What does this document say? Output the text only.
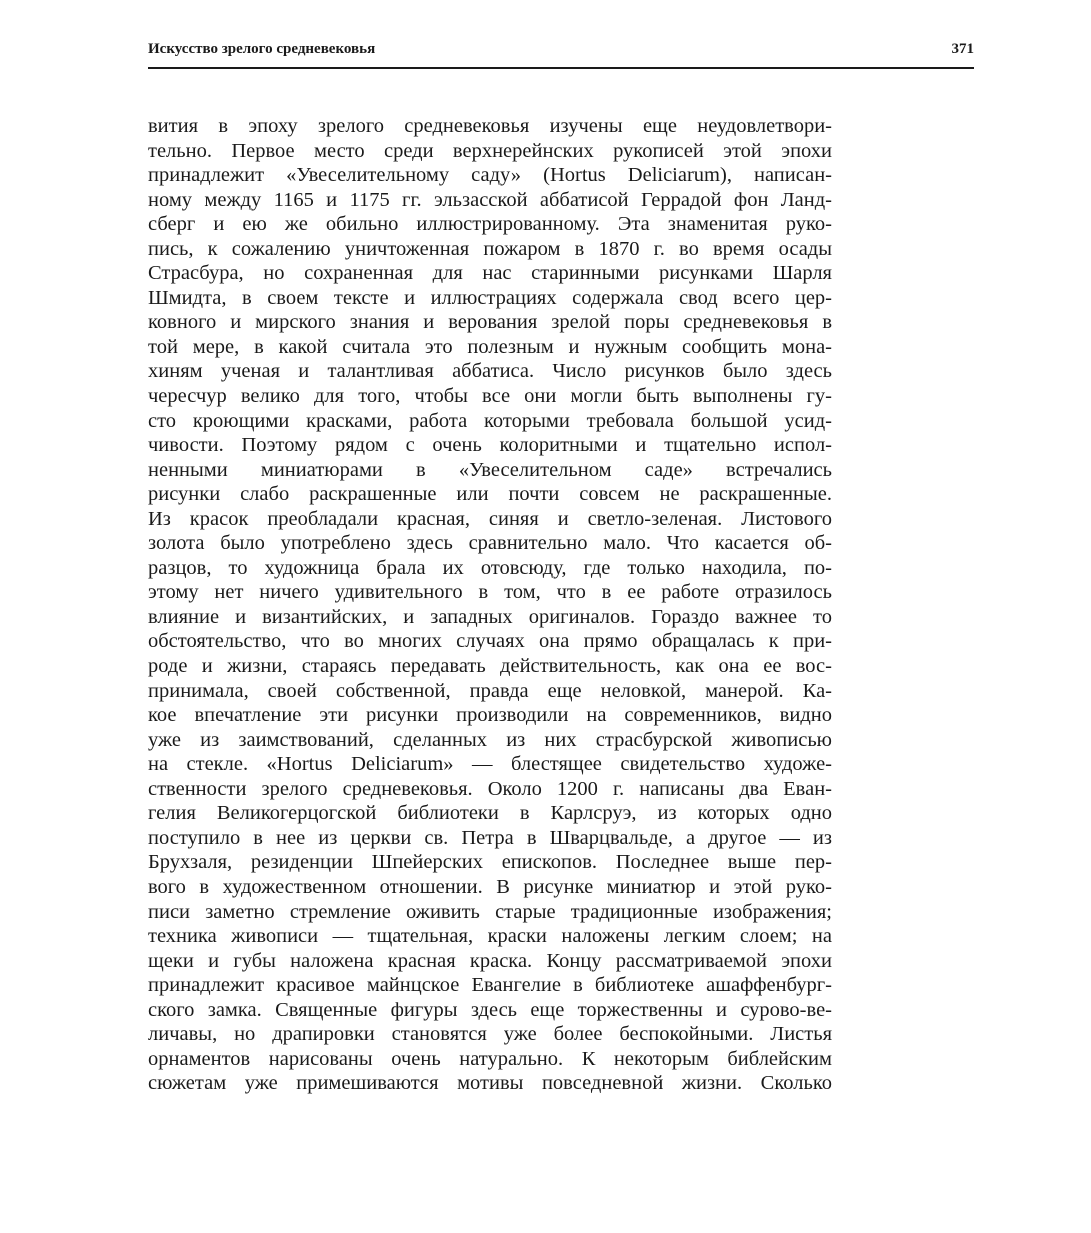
Искусство зрелого средневековья	371
вития в эпоху зрелого средневековья изучены еще неудовлетвори-
тельно. Первое место среди верхнерейнских рукописей этой эпохи
принадлежит «Увеселительному саду» (Hortus Deliciarum), написан-
ному между 1165 и 1175 гг. эльзасской аббатисой Геррадой фон Ланд-
сберг и ею же обильно иллюстрированному. Эта знаменитая руко-
пись, к сожалению уничтоженная пожаром в 1870 г. во время осады
Страсбура, но сохраненная для нас старинными рисунками Шарля
Шмидта, в своем тексте и иллюстрациях содержала свод всего цер-
ковного и мирского знания и верования зрелой поры средневековья в
той мере, в какой считала это полезным и нужным сообщить мона-
хиням ученая и талантливая аббатиса. Число рисунков было здесь
чересчур велико для того, чтобы все они могли быть выполнены гу-
сто кроющими красками, работа которыми требовала большой усид-
чивости. Поэтому рядом с очень колоритными и тщательно испол-
ненными миниатюрами в «Увеселительном саде» встречались
рисунки слабо раскрашенные или почти совсем не раскрашенные.
Из красок преобладали красная, синяя и светло-зеленая. Листового
золота было употреблено здесь сравнительно мало. Что касается об-
разцов, то художница брала их отовсюду, где только находила, по-
этому нет ничего удивительного в том, что в ее работе отразилось
влияние и византийских, и западных оригиналов. Гораздо важнее то
обстоятельство, что во многих случаях она прямо обращалась к при-
роде и жизни, стараясь передавать действительность, как она ее вос-
принимала, своей собственной, правда еще неловкой, манерой. Ка-
кое впечатление эти рисунки производили на современников, видно
уже из заимствований, сделанных из них страсбурской живописью
на стекле. «Hortus Deliciarum» — блестящее свидетельство художе-
ственности зрелого средневековья. Около 1200 г. написаны два Еван-
гелия Великогерцогской библиотеки в Карлсруэ, из которых одно
поступило в нее из церкви св. Петра в Шварцвальде, а другое — из
Брухзаля, резиденции Шпейерских епископов. Последнее выше пер-
вого в художественном отношении. В рисунке миниатюр и этой руко-
писи заметно стремление оживить старые традиционные изображения;
техника живописи — тщательная, краски наложены легким слоем; на
щеки и губы наложена красная краска. Концу рассматриваемой эпохи
принадлежит красивое майнцское Евангелие в библиотеке ашаффенбург-
ского замка. Священные фигуры здесь еще торжественны и сурово-ве-
личавы, но драпировки становятся уже более беспокойными. Листья
орнаментов нарисованы очень натурально. К некоторым библейским
сюжетам уже примешиваются мотивы повседневной жизни. Сколько
